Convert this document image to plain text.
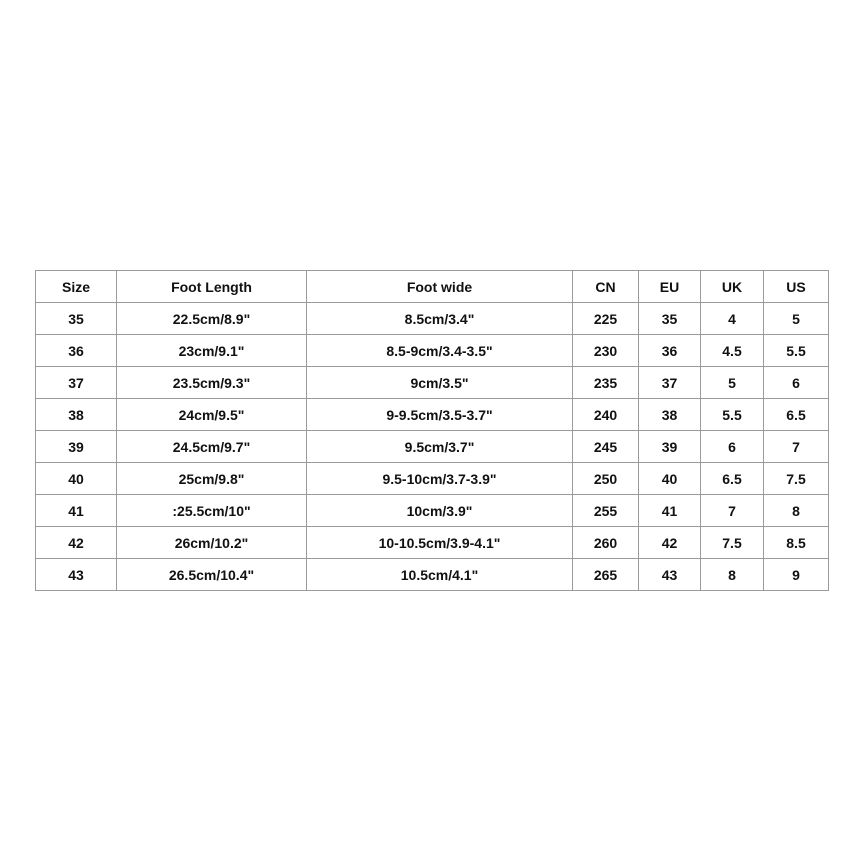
Size	Foot Length	Foot wide	CN	EU	UK	US
35	22.5cm/8.9"	8.5cm/3.4"	225	35	4	5
36	23cm/9.1"	8.5-9cm/3.4-3.5"	230	36	4.5	5.5
37	23.5cm/9.3"	9cm/3.5"	235	37	5	6
38	24cm/9.5"	9-9.5cm/3.5-3.7"	240	38	5.5	6.5
39	24.5cm/9.7"	9.5cm/3.7"	245	39	6	7
40	25cm/9.8"	9.5-10cm/3.7-3.9"	250	40	6.5	7.5
41	:25.5cm/10"	10cm/3.9"	255	41	7	8
42	26cm/10.2"	10-10.5cm/3.9-4.1"	260	42	7.5	8.5
43	26.5cm/10.4"	10.5cm/4.1"	265	43	8	9
